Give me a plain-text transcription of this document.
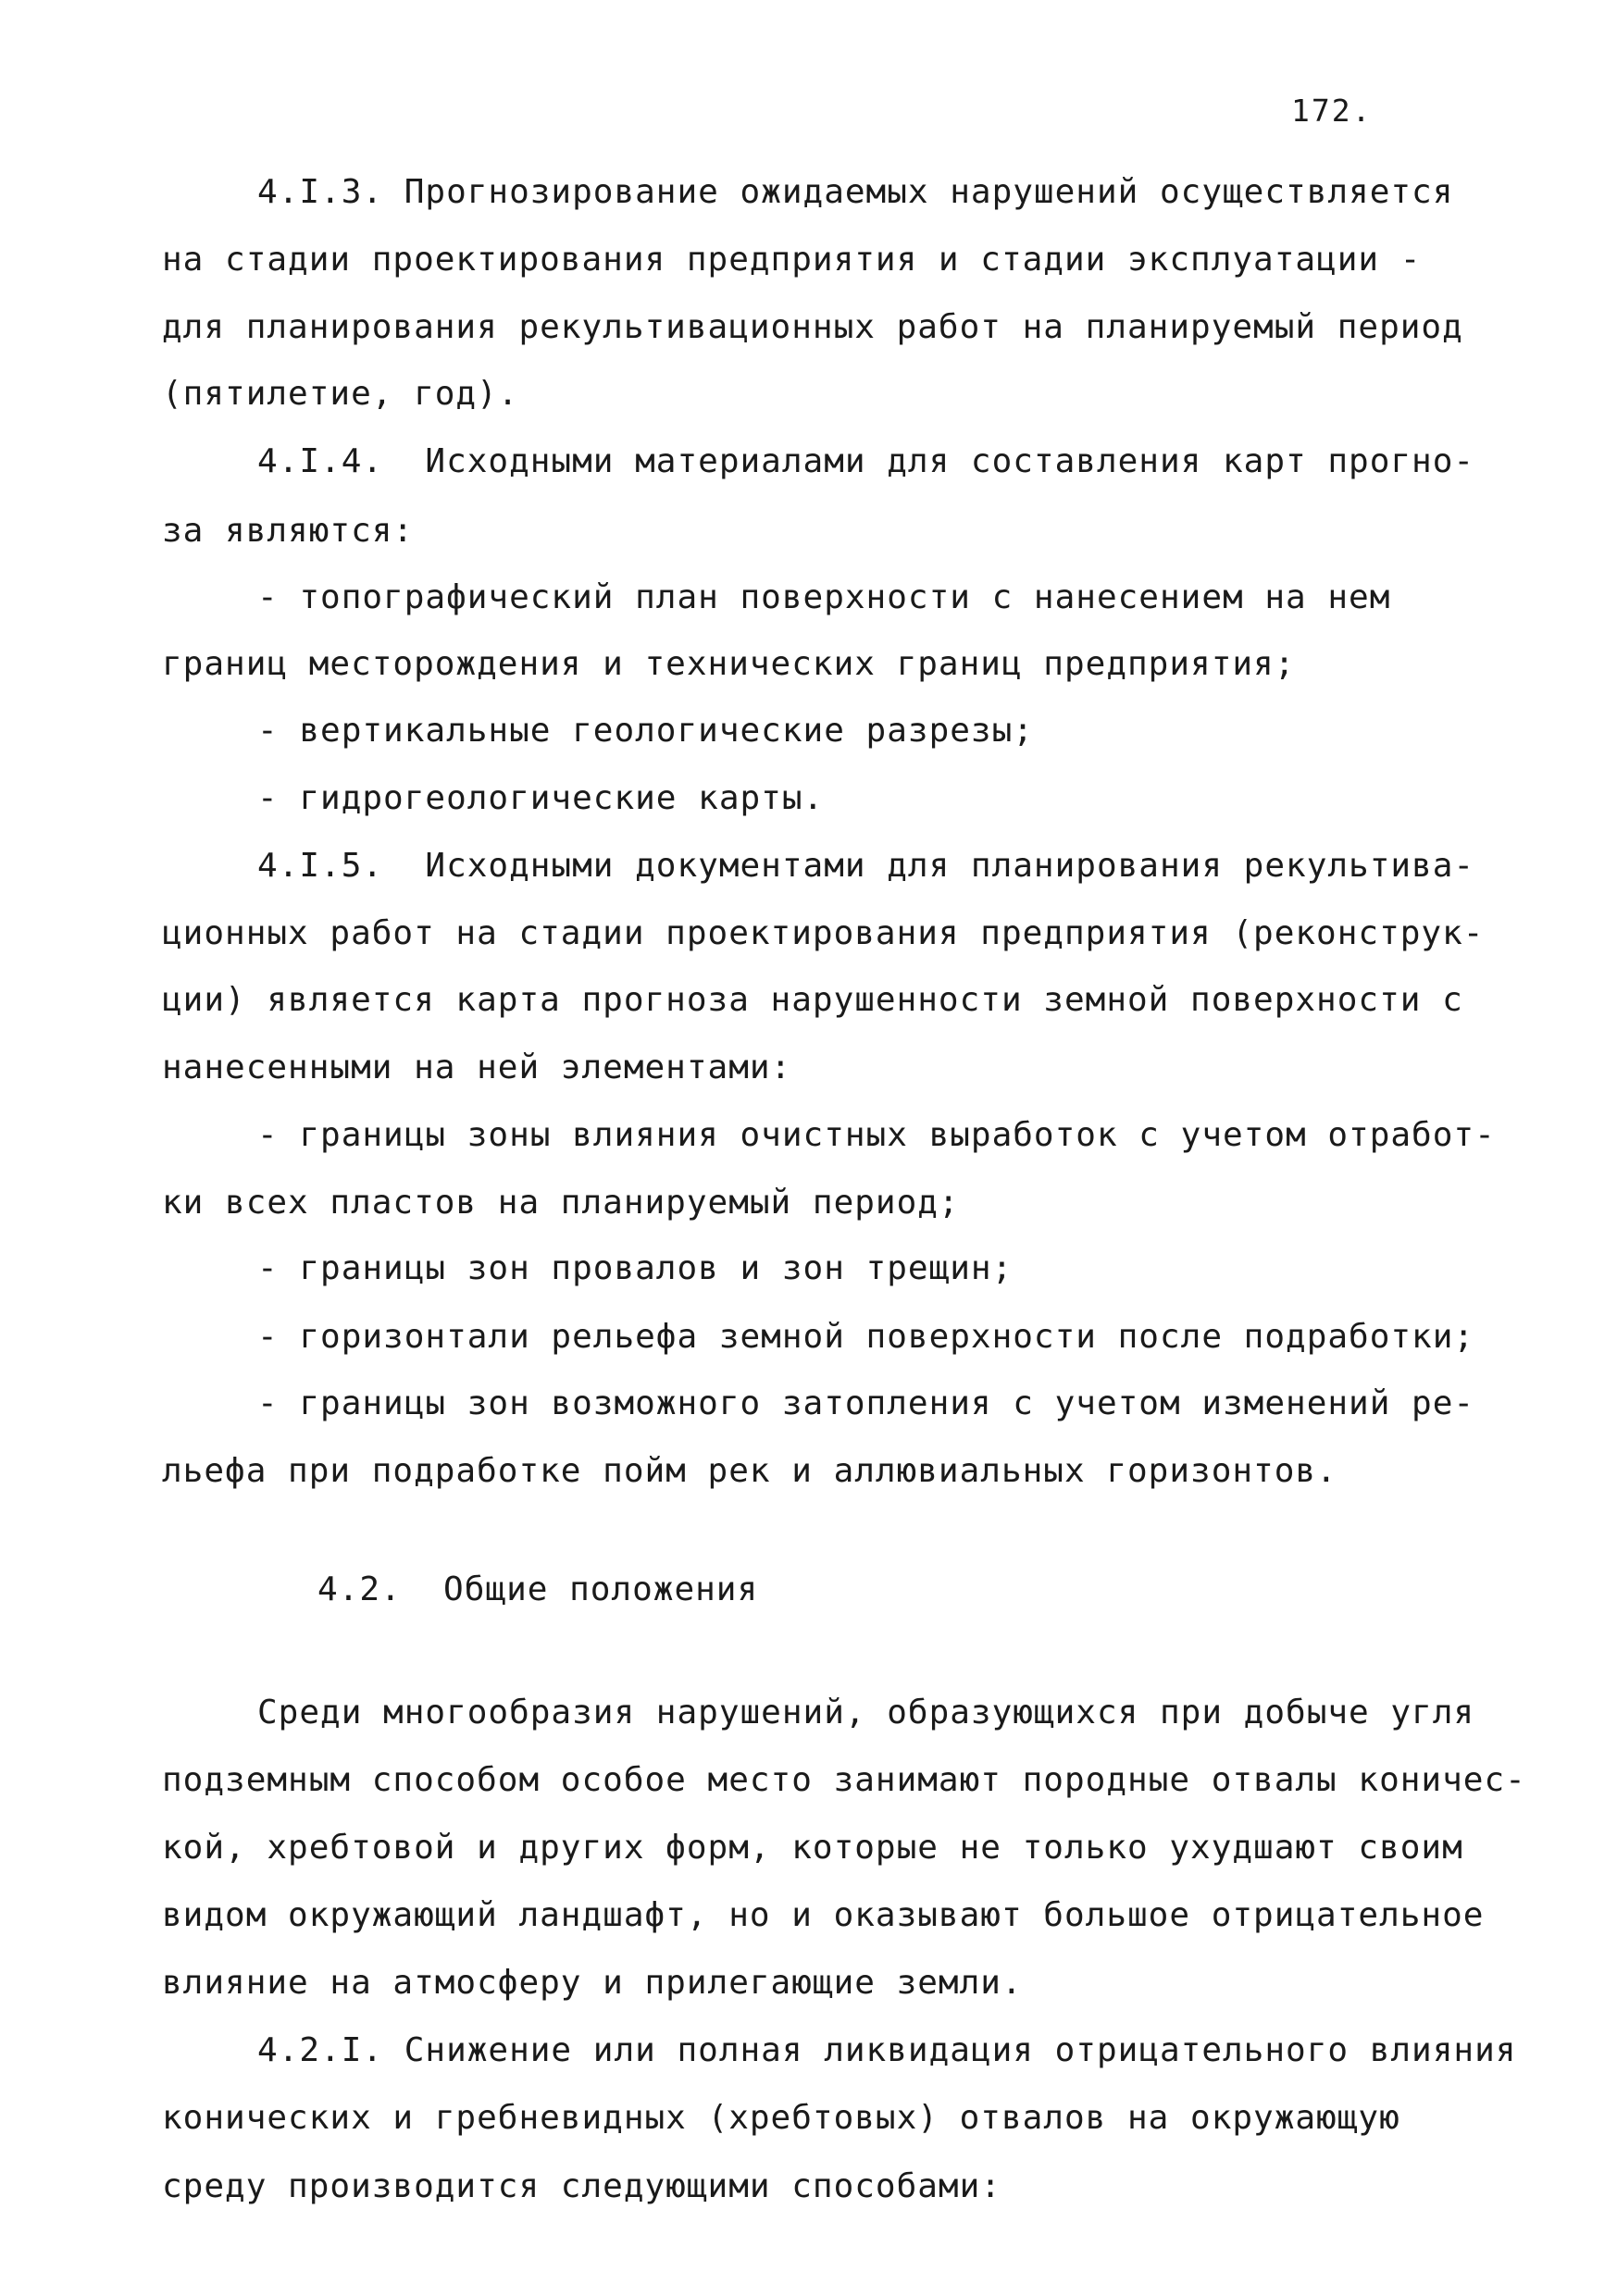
172.
4.I.3. Прогнозирование ожидаемых нарушений осуществляется
на стадии проектирования предприятия и стадии эксплуатации -
для планирования рекультивационных работ на планируемый период
(пятилетие, год).
4.I.4.  Исходными материалами для составления карт прогно-
за являются:
- топографический план поверхности с нанесением на нем
границ месторождения и технических границ предприятия;
- вертикальные геологические разрезы;
- гидрогеологические карты.
4.I.5.  Исходными документами для планирования рекультива-
ционных работ на стадии проектирования предприятия (реконструк-
ции) является карта прогноза нарушенности земной поверхности с
нанесенными на ней элементами:
- границы зоны влияния очистных выработок с учетом отработ-
ки всех пластов на планируемый период;
- границы зон провалов и зон трещин;
- горизонтали рельефа земной поверхности после подработки;
- границы зон возможного затопления с учетом изменений ре-
льефа при подработке пойм рек и аллювиальных горизонтов.
4.2.  Общие положения
Среди многообразия нарушений, образующихся при добыче угля
подземным способом особое место занимают породные отвалы коничес-
кой, хребтовой и других форм, которые не только ухудшают своим
видом окружающий ландшафт, но и оказывают большое отрицательное
влияние на атмосферу и прилегающие земли.
4.2.I. Снижение или полная ликвидация отрицательного влияния
конических и гребневидных (хребтовых) отвалов на окружающую
среду производится следующими способами:
